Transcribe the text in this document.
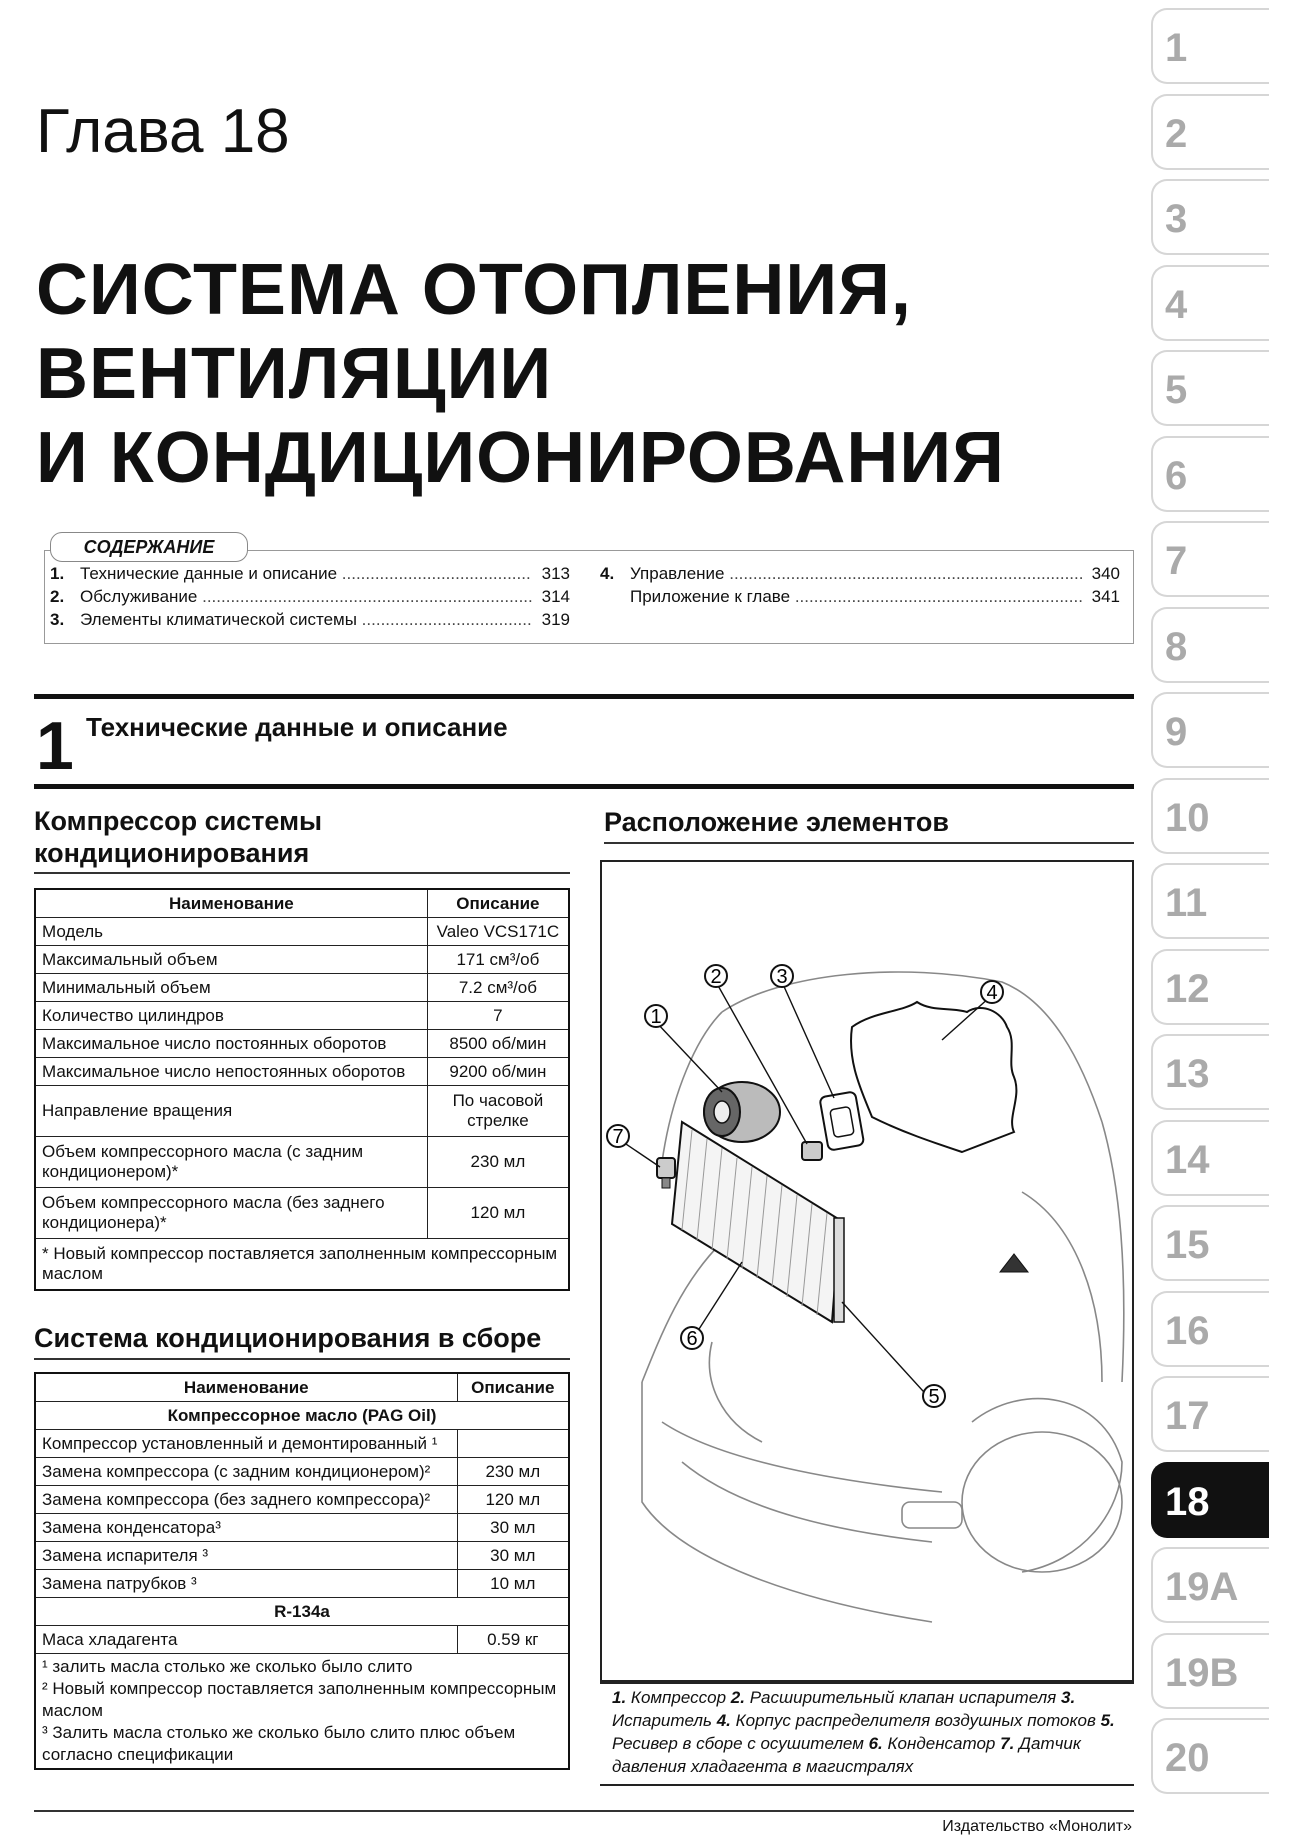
Глава 18
СИСТЕМА ОТОПЛЕНИЯ,
ВЕНТИЛЯЦИИ
И КОНДИЦИОНИРОВАНИЯ
СОДЕРЖАНИЕ
1. Технические данные и описание .....	313
2. Обслуживание .....	314
3. Элементы климатической системы .....	319
4. Управление .....	340
Приложение к главе .....	341
1 Технические данные и описание
Компрессор системы
кондиционирования
Наименование	Описание
Модель	Valeo VCS171C
Максимальный объем	171 см³/об
Минимальный объем	7.2 см³/об
Количество цилиндров	7
Максимальное число постоянных оборотов	8500 об/мин
Максимальное число непостоянных оборотов	9200 об/мин
Направление вращения	По часовой стрелке
Объем компрессорного масла (с задним кондиционером)*	230 мл
Объем компрессорного масла (без заднего кондиционера)*	120 мл
* Новый компрессор поставляется заполненным компрессорным маслом	
Система кондиционирования в сборе
Наименование	Описание
Компрессорное масло (PAG Oil)	
Компрессор установленный и демонтированный ¹	
Замена компрессора (с задним кондиционером)²	230 мл
Замена компрессора (без заднего компрессора)²	120 мл
Замена конденсатора³	30 мл
Замена испарителя ³	30 мл
Замена патрубков ³	10 мл
R-134a	
Маса хладагента	0.59 кг

¹ залить масла столько же сколько было слито
² Новый компрессор поставляется заполненным компрессорным маслом
³ Залить масла столько же сколько было слито плюс объем согласно спецификации	
Расположение элементов
1
2	3
4
5
6
7
1. Компрессор 2. Расширительный клапан испарителя 3. Испаритель 4. Корпус распределителя воздушных потоков 5. Ресивер в сборе с осушителем 6. Конденсатор 7. Датчик давления хладагента в магистралях
Издательство «Монолит»
1
2
3
4
5
6
7
8
9
10
11
12
13
14
15
16
17
18
19A
19B
20
